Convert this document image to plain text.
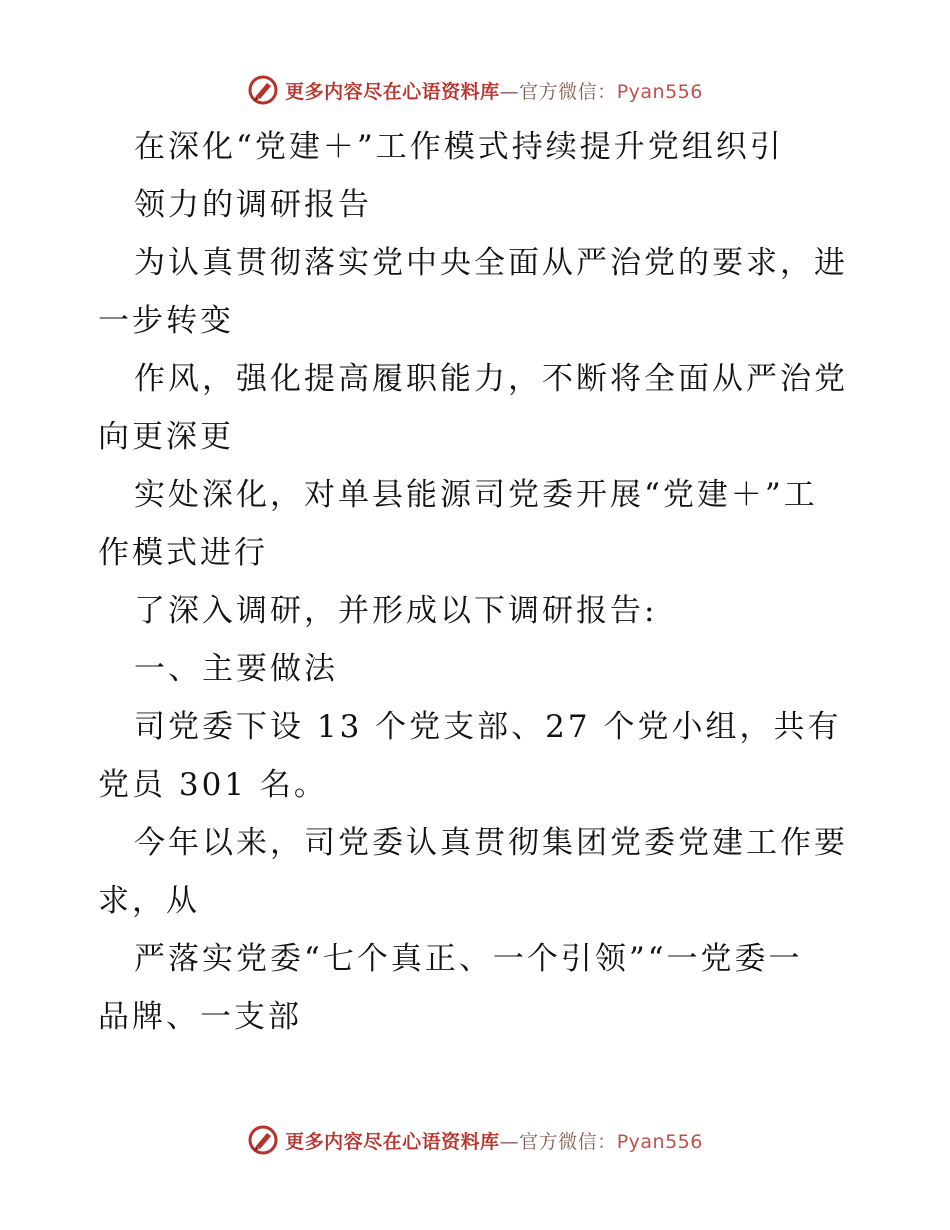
更多内容尽在心语资料库—官方微信：Pyan556
在深化“党建＋”工作模式持续提升党组织引
领力的调研报告
为认真贯彻落实党中央全面从严治党的要求，进
一步转变
作风，强化提高履职能力，不断将全面从严治党
向更深更
实处深化，对单县能源司党委开展“党建＋”工
作模式进行
了深入调研，并形成以下调研报告:
一、主要做法
司党委下设 13 个党支部、27 个党小组，共有
党员 301 名。
今年以来，司党委认真贯彻集团党委党建工作要
求，从
严落实党委“七个真正、一个引领”“一党委一
品牌、一支部
更多内容尽在心语资料库—官方微信：Pyan556
